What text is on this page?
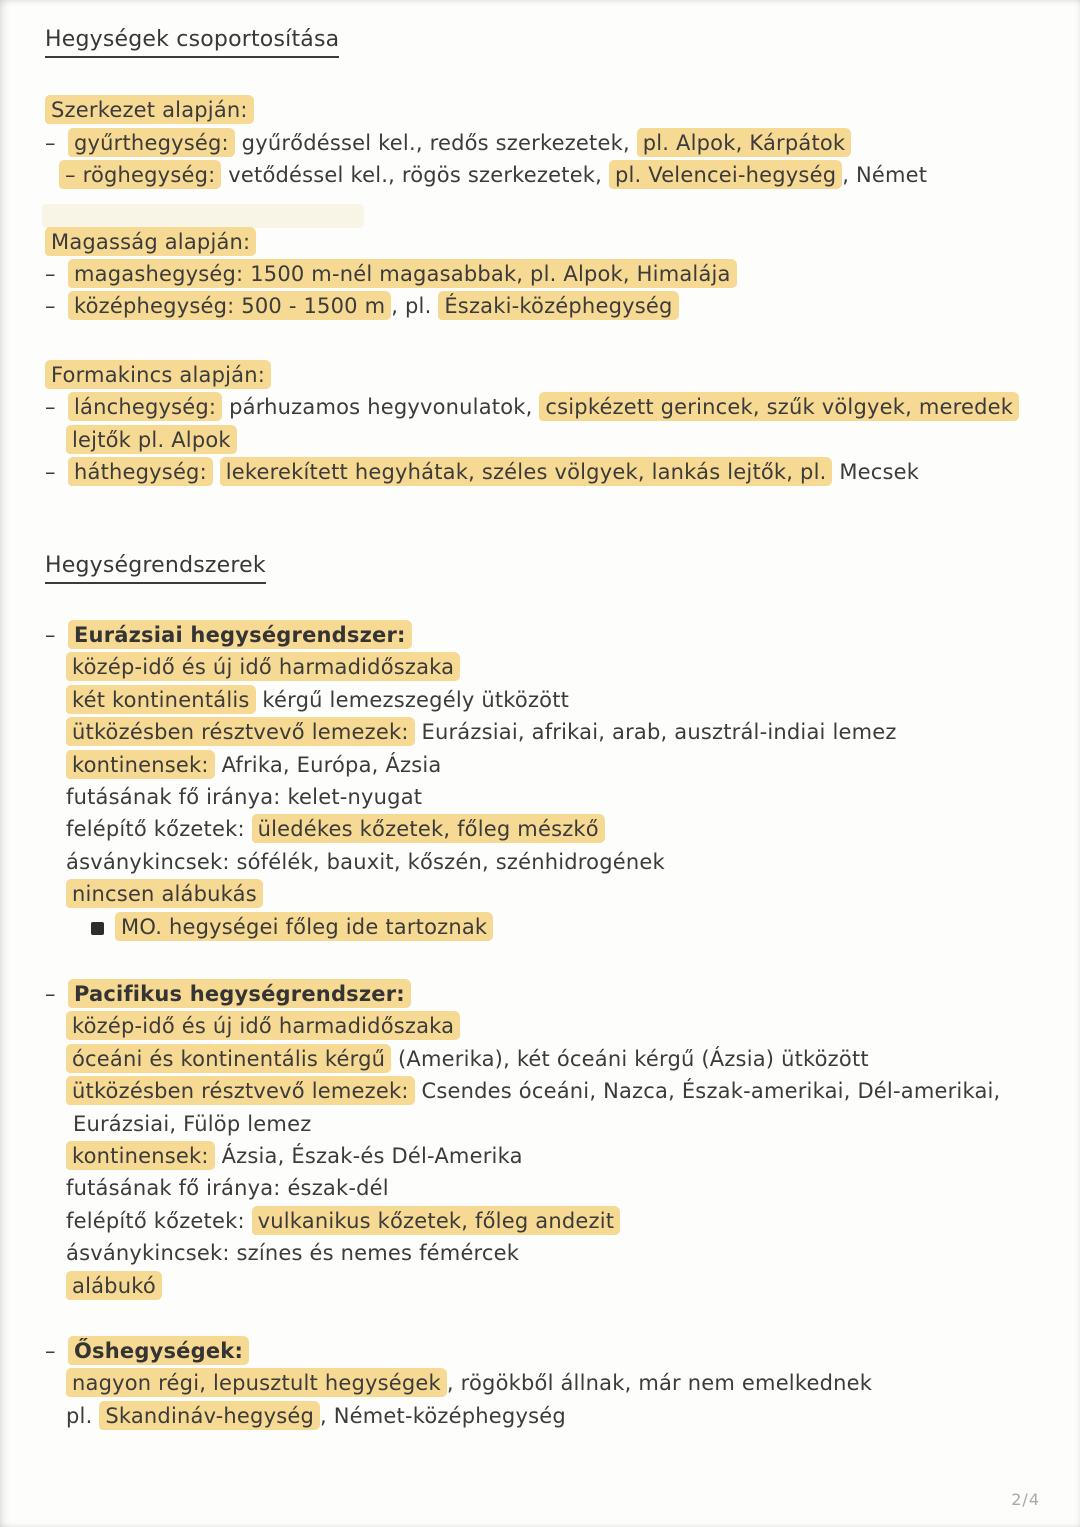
Hegységek csoportosítása
Szerkezet alapján:
– gyűrthegység: gyűrődéssel kel., redős szerkezetek, pl. Alpok, Kárpátok
– röghegység: vetődéssel kel., rögös szerkezetek, pl. Velencei-hegység , Német
Magasság alapján:
– magashegység: 1500 m-nél magasabbak, pl. Alpok, Himalája
– középhegység: 500 - 1500 m , pl. Északi-középhegység
Formakincs alapján:
– lánchegység: párhuzamos hegyvonulatok, csipkézett gerincek, szűk völgyek, meredek
lejtők pl. Alpok
– háthegység: lekerekített hegyhátak, széles völgyek, lankás lejtők, pl. Mecsek
Hegységrendszerek
– Eurázsiai hegységrendszer:
közép-idő és új idő harmadidőszaka
két kontinentális kérgű lemezszegély ütközött
ütközésben résztvevő lemezek: Eurázsiai, afrikai, arab, ausztrál-indiai lemez
kontinensek: Afrika, Európa, Ázsia
futásának fő iránya: kelet-nyugat
felépítő kőzetek: üledékes kőzetek, főleg mészkő
ásványkincsek: sófélék, bauxit, kőszén, szénhidrogének
nincsen alábukás
MO. hegységei főleg ide tartoznak
– Pacifikus hegységrendszer:
közép-idő és új idő harmadidőszaka
óceáni és kontinentális kérgű (Amerika), két óceáni kérgű (Ázsia) ütközött
ütközésben résztvevő lemezek: Csendes óceáni, Nazca, Észak-amerikai, Dél-amerikai,
Eurázsiai, Fülöp lemez
kontinensek: Ázsia, Észak-és Dél-Amerika
futásának fő iránya: észak-dél
felépítő kőzetek: vulkanikus kőzetek, főleg andezit
ásványkincsek: színes és nemes fémércek
alábukó
– Őshegységek:
nagyon régi, lepusztult hegységek , rögökből állnak, már nem emelkednek
pl. Skandináv-hegység , Német-középhegység
2/4
